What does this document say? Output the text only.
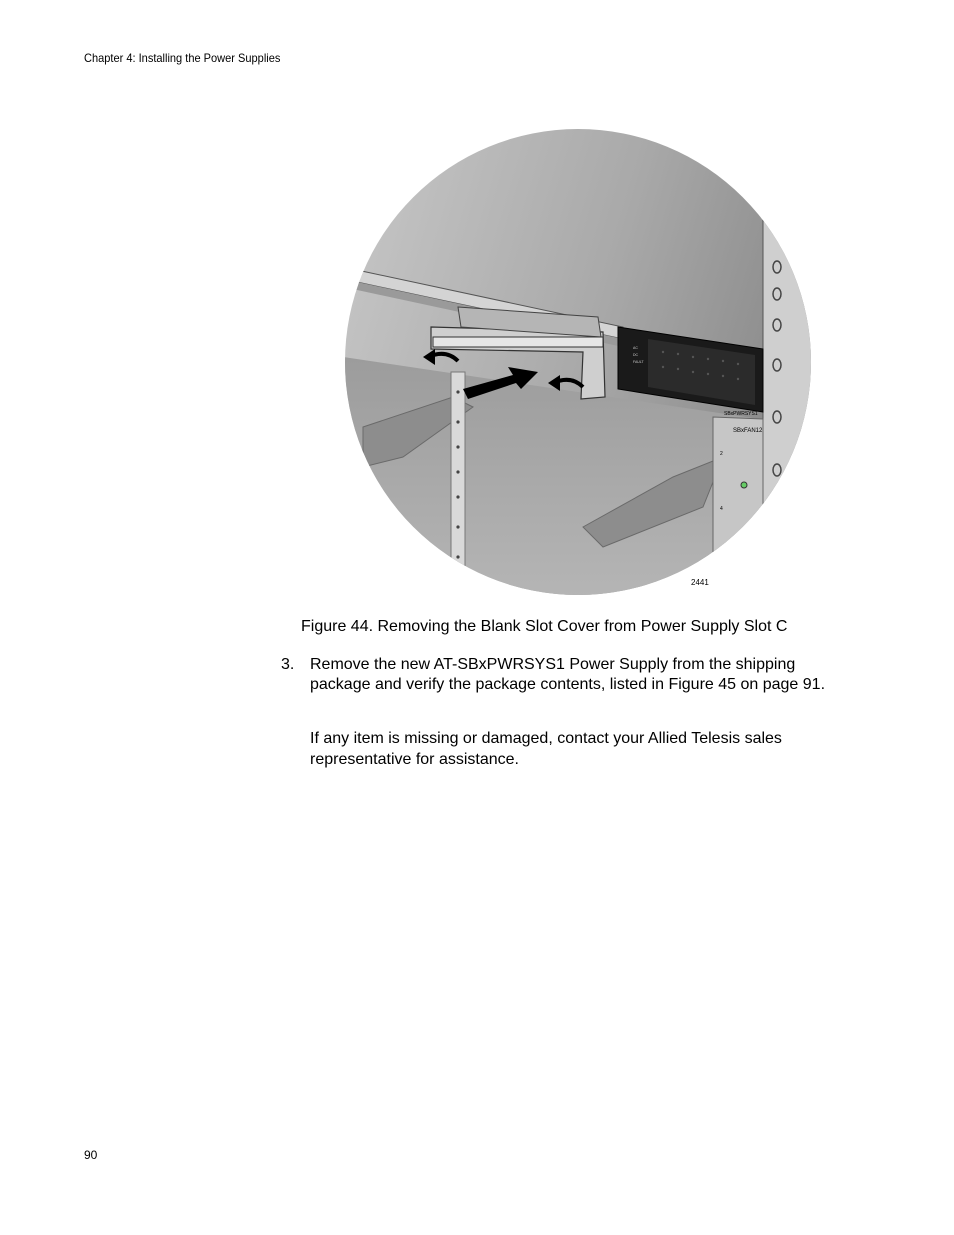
Chapter 4: Installing the Power Supplies
SBxPWRSYS1
SBxFAN12
2
4
AC
DC
FAULT
2441
Figure 44. Removing the Blank Slot Cover from Power Supply Slot C
3. Remove the new AT-SBxPWRSYS1 Power Supply from the shipping package and verify the package contents, listed in Figure 45 on page 91.
If any item is missing or damaged, contact your Allied Telesis sales representative for assistance.
90
